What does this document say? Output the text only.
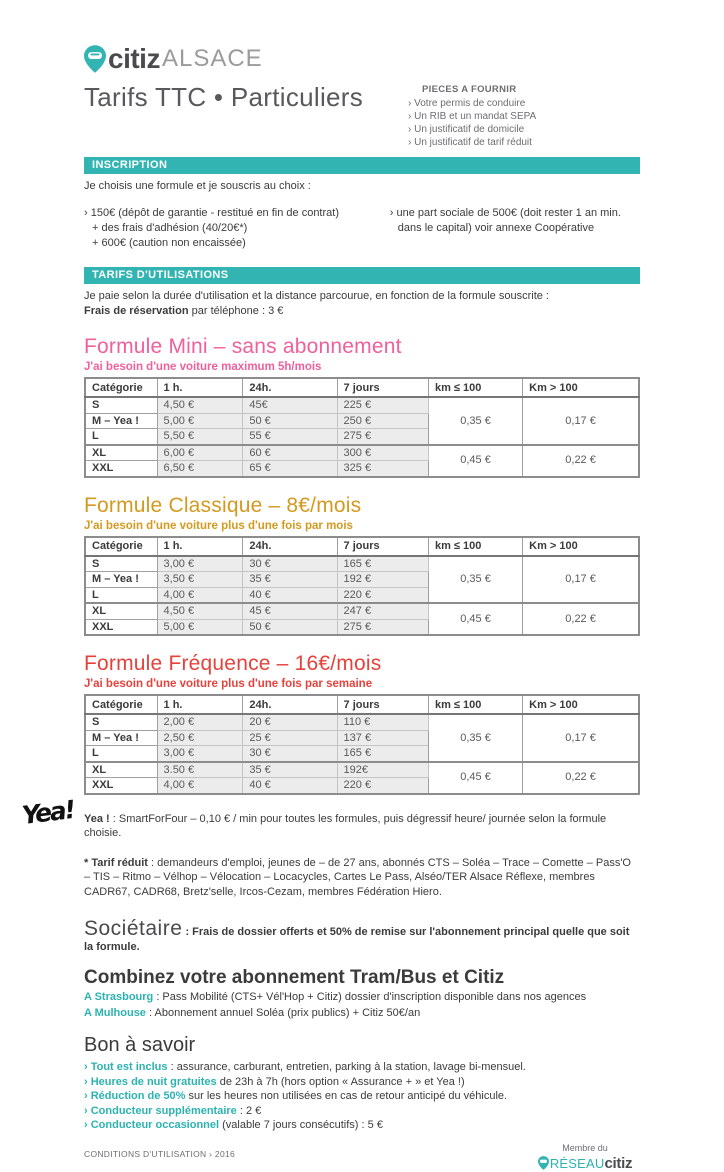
citiz ALSACE
Tarifs TTC • Particuliers	PIECES A FOURNIR
› Votre permis de conduire
› Un RIB et un mandat SEPA
› Un justificatif de domicile
› Un justificatif de tarif réduit
INSCRIPTION

Je choisis une formule et je souscris au choix :

› 150€ (dépôt de garantie - restitué en fin de contrat)
+ des frais d'adhésion (40/20€*)
+ 600€ (caution non encaissée)
› une part sociale de 500€ (doit rester 1 an min.
dans le capital) voir annexe Coopérative
TARIFS D'UTILISATIONS

Je paie selon la durée d'utilisation et la distance parcourue, en fonction de la formule souscrite :

Frais de réservation par téléphone : 3 €

Formule Mini – sans abonnement
J'ai besoin d'une voiture maximum 5h/mois
Catégorie	1 h.	24h.	7 jours	km ≤ 100	Km > 100
S	4,50 €	45€	225 €	0,35 €	0,17 €
M – Yea !	5,00 €	50 €	250 €		
L	5,50 €	55 €	275 €		
XL	6,00 €	60 €	300 €	0,45 €	0,22 €
XXL	6,50 €	65 €	325 €		
Formule Classique – 8€/mois
J'ai besoin d'une voiture plus d'une fois par mois
Catégorie	1 h.	24h.	7 jours	km ≤ 100	Km > 100
S	3,00 €	30 €	165 €	0,35 €	0,17 €
M – Yea !	3,50 €	35 €	192 €		
L	4,00 €	40 €	220 €		
XL	4,50 €	45 €	247 €	0,45 €	0,22 €
XXL	5,00 €	50 €	275 €		
Formule Fréquence – 16€/mois
J'ai besoin d'une voiture plus d'une fois par semaine
Catégorie	1 h.	24h.	7 jours	km ≤ 100	Km > 100
S	2,00 €	20 €	110 €	0,35 €	0,17 €
M – Yea !	2,50 €	25 €	137 €		
L	3,00 €	30 €	165 €		
XL	3.50 €	35 €	192€	0,45 €	0,22 €
XXL	4,00 €	40 €	220 €		
Yea! Yea ! : SmartForFour – 0,10 € / min pour toutes les formules, puis dégressif heure/ journée selon la formule choisie.
* Tarif réduit : demandeurs d'emploi, jeunes de – de 27 ans, abonnés CTS – Soléa – Trace – Comette – Pass'O – TIS – Ritmo – Vélhop – Vélocation – Locacycles, Cartes Le Pass, Alséo/TER Alsace Réflexe, membres CADR67, CADR68, Bretz'selle, Ircos-Cezam, membres Fédération Hiero.
Sociétaire : Frais de dossier offerts et 50% de remise sur l'abonnement principal quelle que soit la formule.
Combinez votre abonnement Tram/Bus et Citiz
A Strasbourg : Pass Mobilité (CTS+ Vél'Hop + Citiz) dossier d'inscription disponible dans nos agences
A Mulhouse : Abonnement annuel Soléa (prix publics) + Citiz 50€/an
Bon à savoir
› Tout est inclus : assurance, carburant, entretien, parking à la station, lavage bi-mensuel.
› Heures de nuit gratuites de 23h à 7h (hors option « Assurance + » et Yea !)
› Réduction de 50% sur les heures non utilisées en cas de retour anticipé du véhicule.
› Conducteur supplémentaire : 2 €
› Conducteur occasionnel (valable 7 jours consécutifs) : 5 €
CONDITIONS D'UTILISATION › 2016
Membre du
RÉSEAU citiz
